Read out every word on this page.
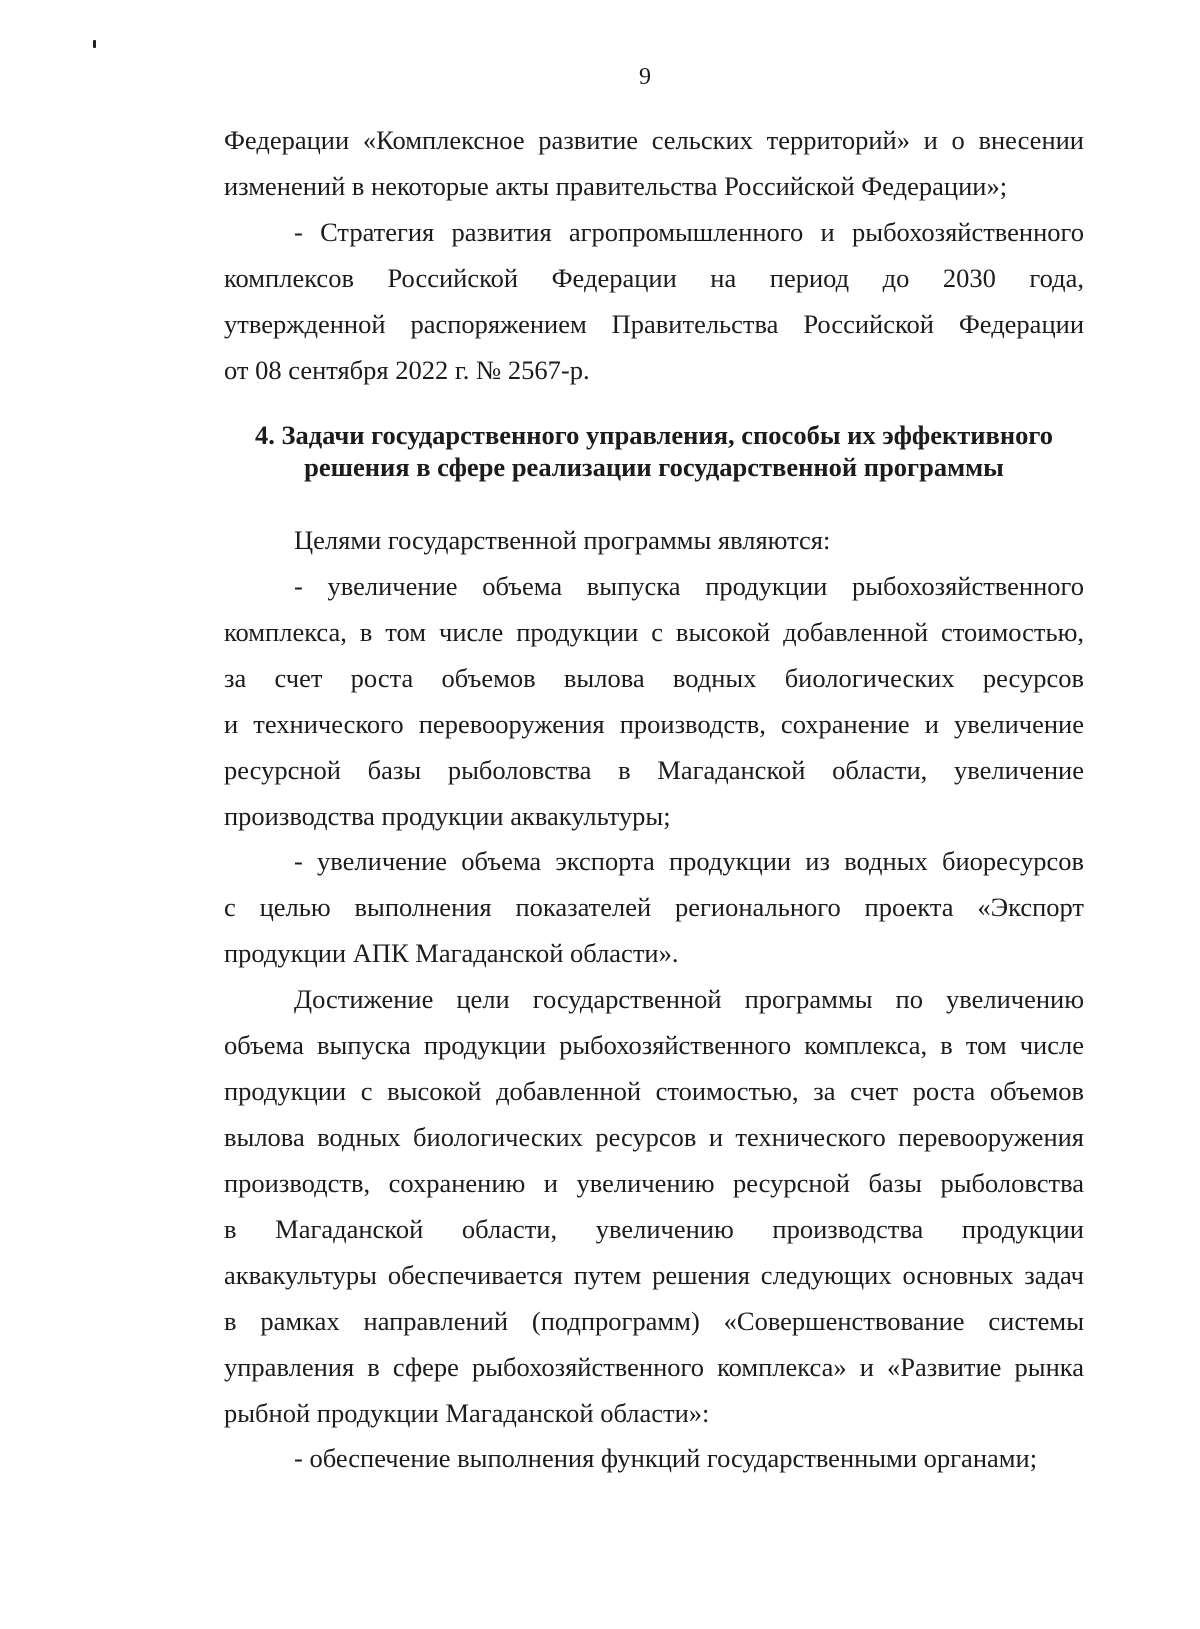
9
Федерации «Комплексное развитие сельских территорий» и о внесении
изменений в некоторые акты правительства Российской Федерации»;
- Стратегия развития агропромышленного и рыбохозяйственного
комплексов Российской Федерации на период до 2030 года,
утвержденной распоряжением Правительства Российской Федерации
от 08 сентября 2022 г. № 2567-р.
4. Задачи государственного управления, способы их эффективного
решения в сфере реализации государственной программы
Целями государственной программы являются:
- увеличение объема выпуска продукции рыбохозяйственного
комплекса, в том числе продукции с высокой добавленной стоимостью,
за счет роста объемов вылова водных биологических ресурсов
и технического перевооружения производств, сохранение и увеличение
ресурсной базы рыболовства в Магаданской области, увеличение
производства продукции аквакультуры;
- увеличение объема экспорта продукции из водных биоресурсов
с целью выполнения показателей регионального проекта «Экспорт
продукции АПК Магаданской области».
Достижение цели государственной программы по увеличению
объема выпуска продукции рыбохозяйственного комплекса, в том числе
продукции с высокой добавленной стоимостью, за счет роста объемов
вылова водных биологических ресурсов и технического перевооружения
производств, сохранению и увеличению ресурсной базы рыболовства
в Магаданской области, увеличению производства продукции
аквакультуры обеспечивается путем решения следующих основных задач
в рамках направлений (подпрограмм) «Совершенствование системы
управления в сфере рыбохозяйственного комплекса» и «Развитие рынка
рыбной продукции Магаданской области»:
- обеспечение выполнения функций государственными органами;
